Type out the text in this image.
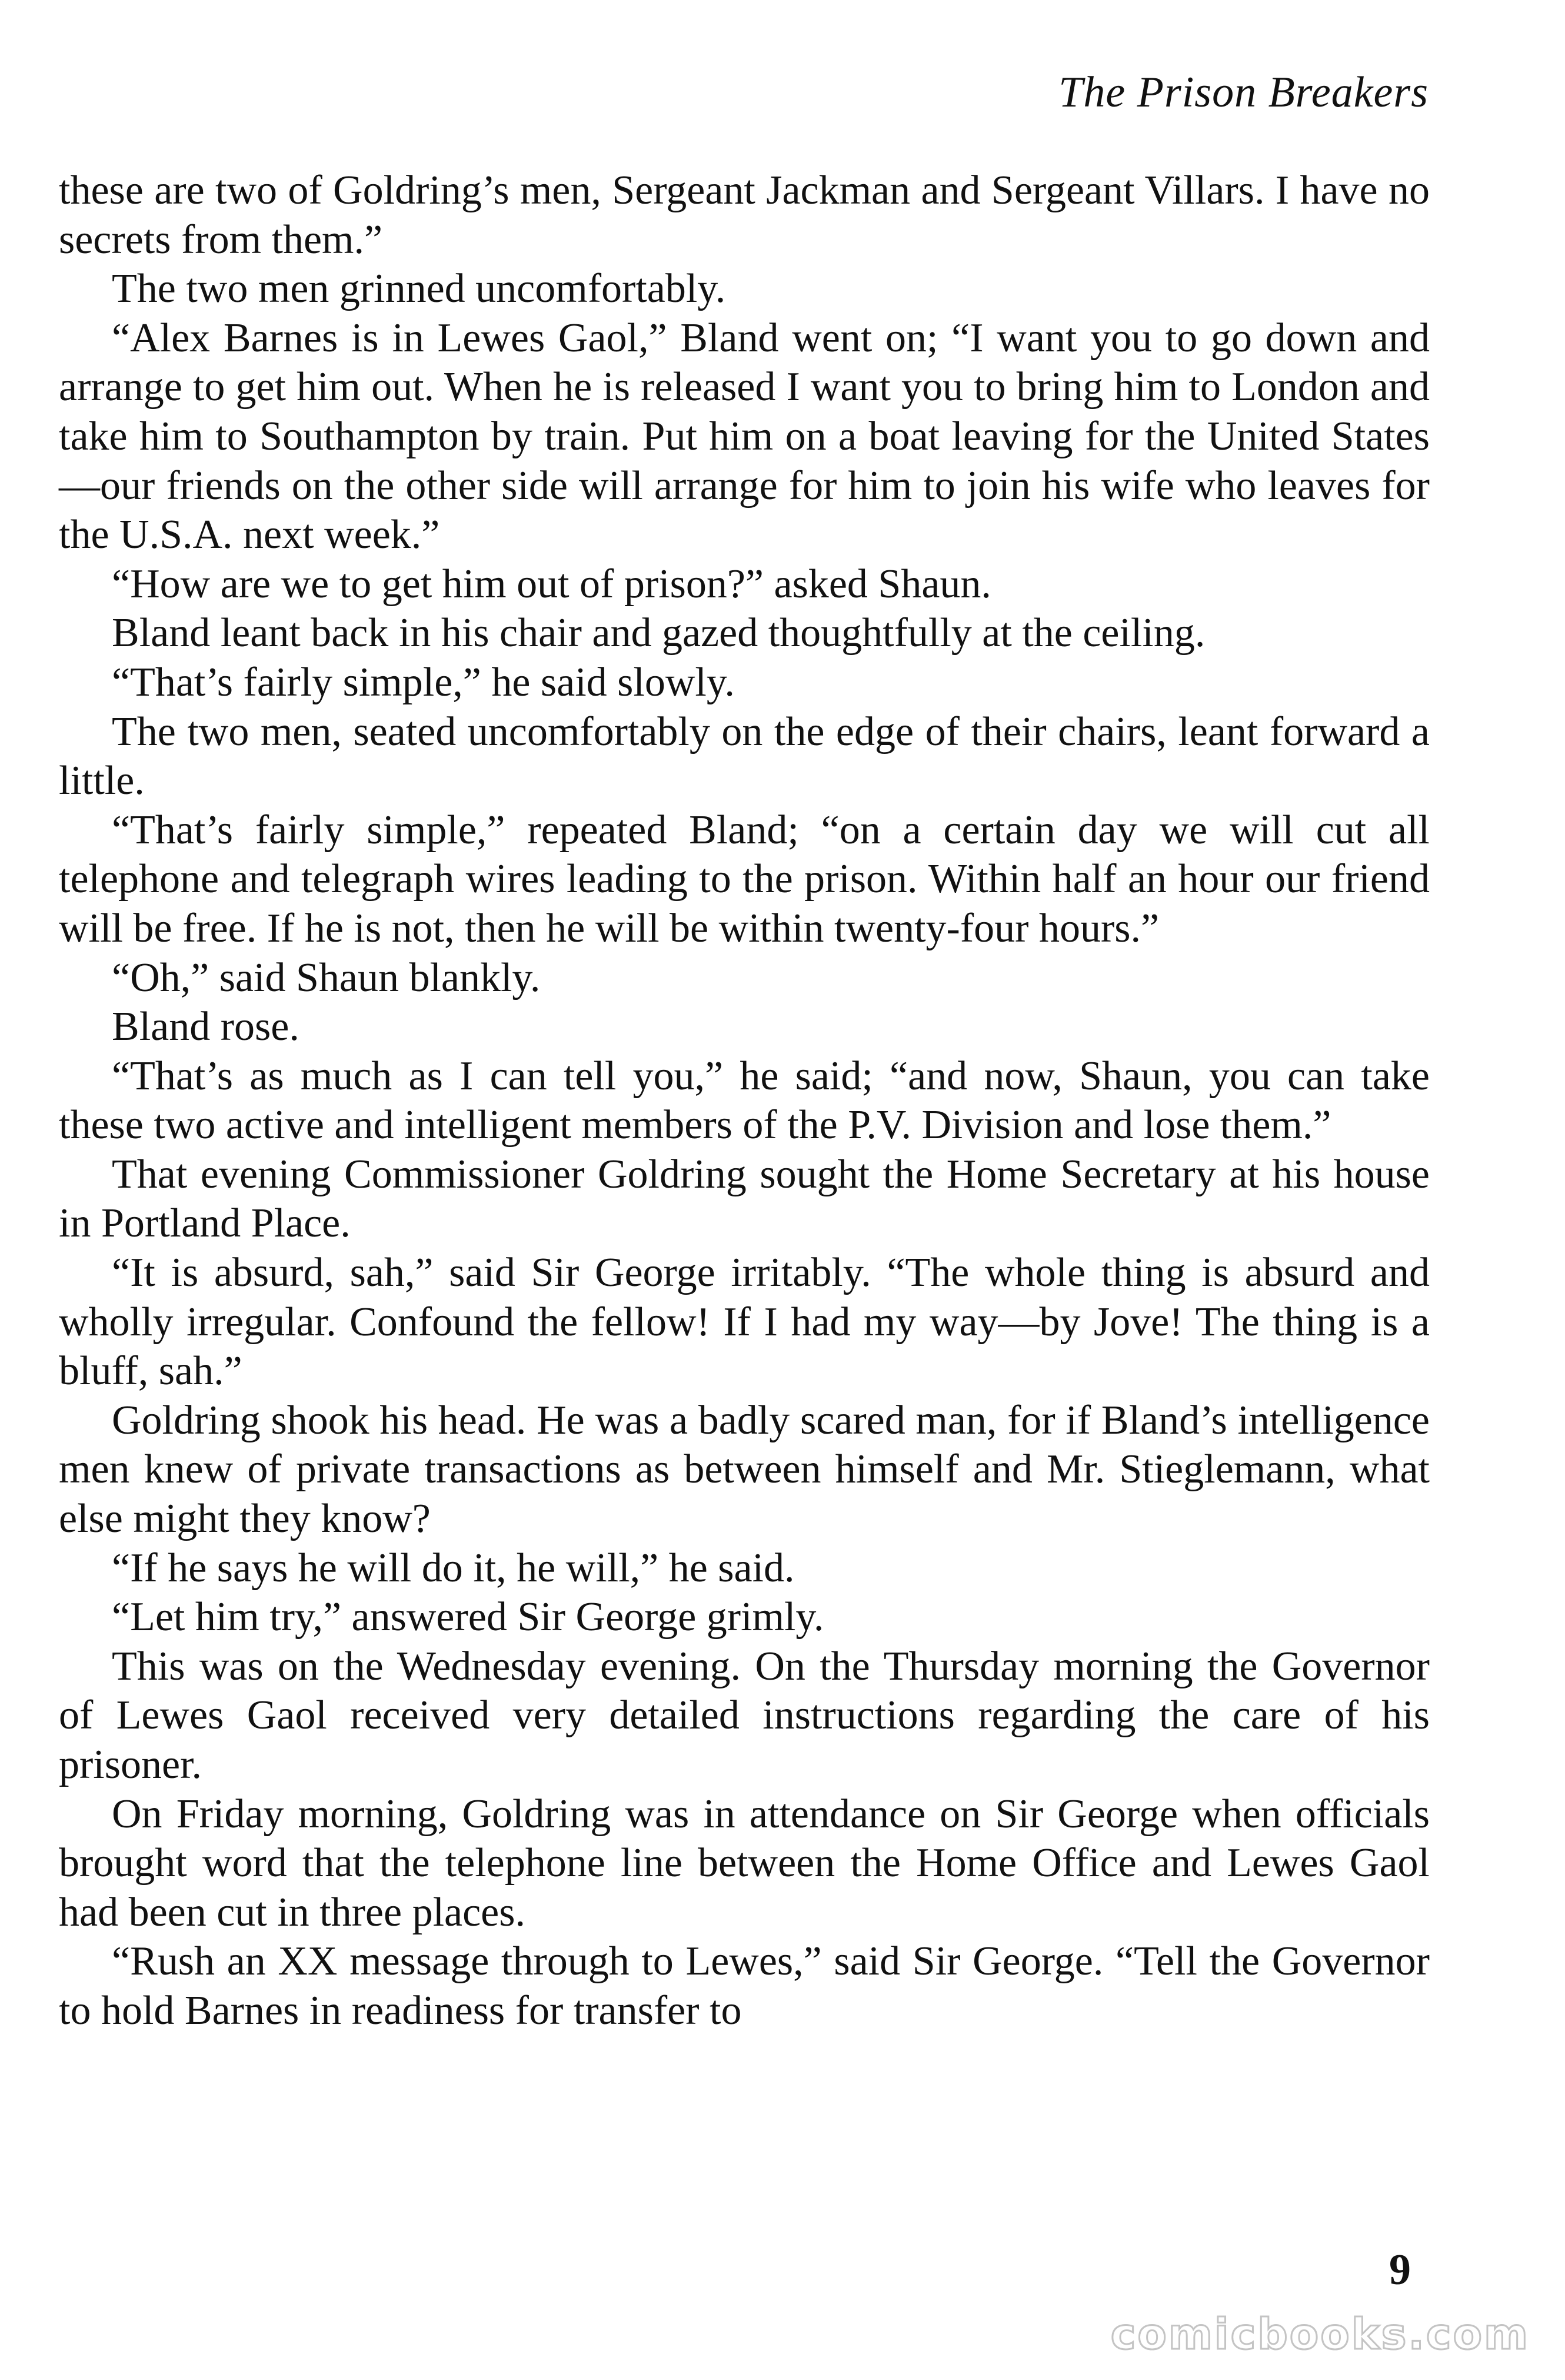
The Prison Breakers

these are two of Goldring’s men, Sergeant Jackman and Sergeant Villars. I have no secrets from them.”

The two men grinned uncomfortably.

“Alex Barnes is in Lewes Gaol,” Bland went on; “I want you to go down and arrange to get him out. When he is released I want you to bring him to London and take him to Southampton by train. Put him on a boat leaving for the United States—our friends on the other side will arrange for him to join his wife who leaves for the U.S.A. next week.”

“How are we to get him out of prison?” asked Shaun.

Bland leant back in his chair and gazed thoughtfully at the ceiling.

“That’s fairly simple,” he said slowly.

The two men, seated uncomfortably on the edge of their chairs, leant forward a little.

“That’s fairly simple,” repeated Bland; “on a certain day we will cut all telephone and telegraph wires leading to the prison. Within half an hour our friend will be free. If he is not, then he will be within twenty-four hours.”

“Oh,” said Shaun blankly.

Bland rose.

“That’s as much as I can tell you,” he said; “and now, Shaun, you can take these two active and intelligent members of the P.V. Division and lose them.”

That evening Commissioner Goldring sought the Home Secretary at his house in Portland Place.

“It is absurd, sah,” said Sir George irritably. “The whole thing is absurd and wholly irregular. Confound the fellow! If I had my way—by Jove! The thing is a bluff, sah.”

Goldring shook his head. He was a badly scared man, for if Bland’s intelligence men knew of private transactions as between himself and Mr. Stieglemann, what else might they know?

“If he says he will do it, he will,” he said.

“Let him try,” answered Sir George grimly.

This was on the Wednesday evening. On the Thursday morning the Governor of Lewes Gaol received very detailed instructions regarding the care of his prisoner.

On Friday morning, Goldring was in attendance on Sir George when officials brought word that the telephone line between the Home Office and Lewes Gaol had been cut in three places.

“Rush an XX message through to Lewes,” said Sir George. “Tell the Governor to hold Barnes in readiness for transfer to

9
comicbooks.com
